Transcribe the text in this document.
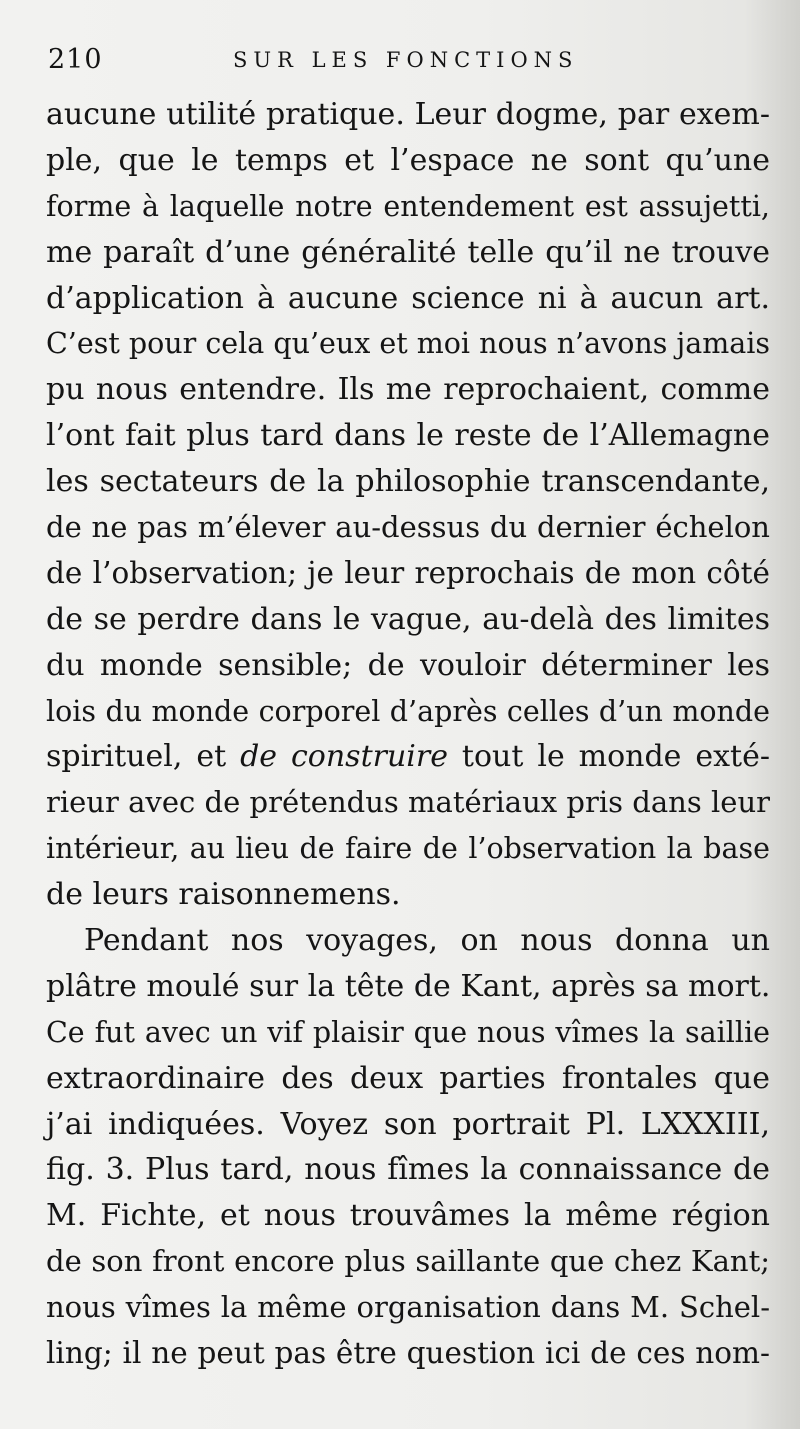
210	SUR LES FONCTIONS
aucune utilité pratique. Leur dogme, par exem-
ple, que le temps et l’espace ne sont qu’une
forme à laquelle notre entendement est assujetti,
me paraît d’une généralité telle qu’il ne trouve
d’application à aucune science ni à aucun art.
C’est pour cela qu’eux et moi nous n’avons jamais
pu nous entendre. Ils me reprochaient, comme
l’ont fait plus tard dans le reste de l’Allemagne
les sectateurs de la philosophie transcendante,
de ne pas m’élever au-dessus du dernier échelon
de l’observation; je leur reprochais de mon côté
de se perdre dans le vague, au-delà des limites
du monde sensible; de vouloir déterminer les
lois du monde corporel d’après celles d’un monde
spirituel, et de construire tout le monde exté-
rieur avec de prétendus matériaux pris dans leur
intérieur, au lieu de faire de l’observation la base
de leurs raisonnemens.
Pendant nos voyages, on nous donna un
plâtre moulé sur la tête de Kant, après sa mort.
Ce fut avec un vif plaisir que nous vîmes la saillie
extraordinaire des deux parties frontales que
j’ai indiquées. Voyez son portrait Pl. LXXXIII,
fig. 3. Plus tard, nous fîmes la connaissance de
M. Fichte, et nous trouvâmes la même région
de son front encore plus saillante que chez Kant;
nous vîmes la même organisation dans M. Schel-
ling; il ne peut pas être question ici de ces nom-
